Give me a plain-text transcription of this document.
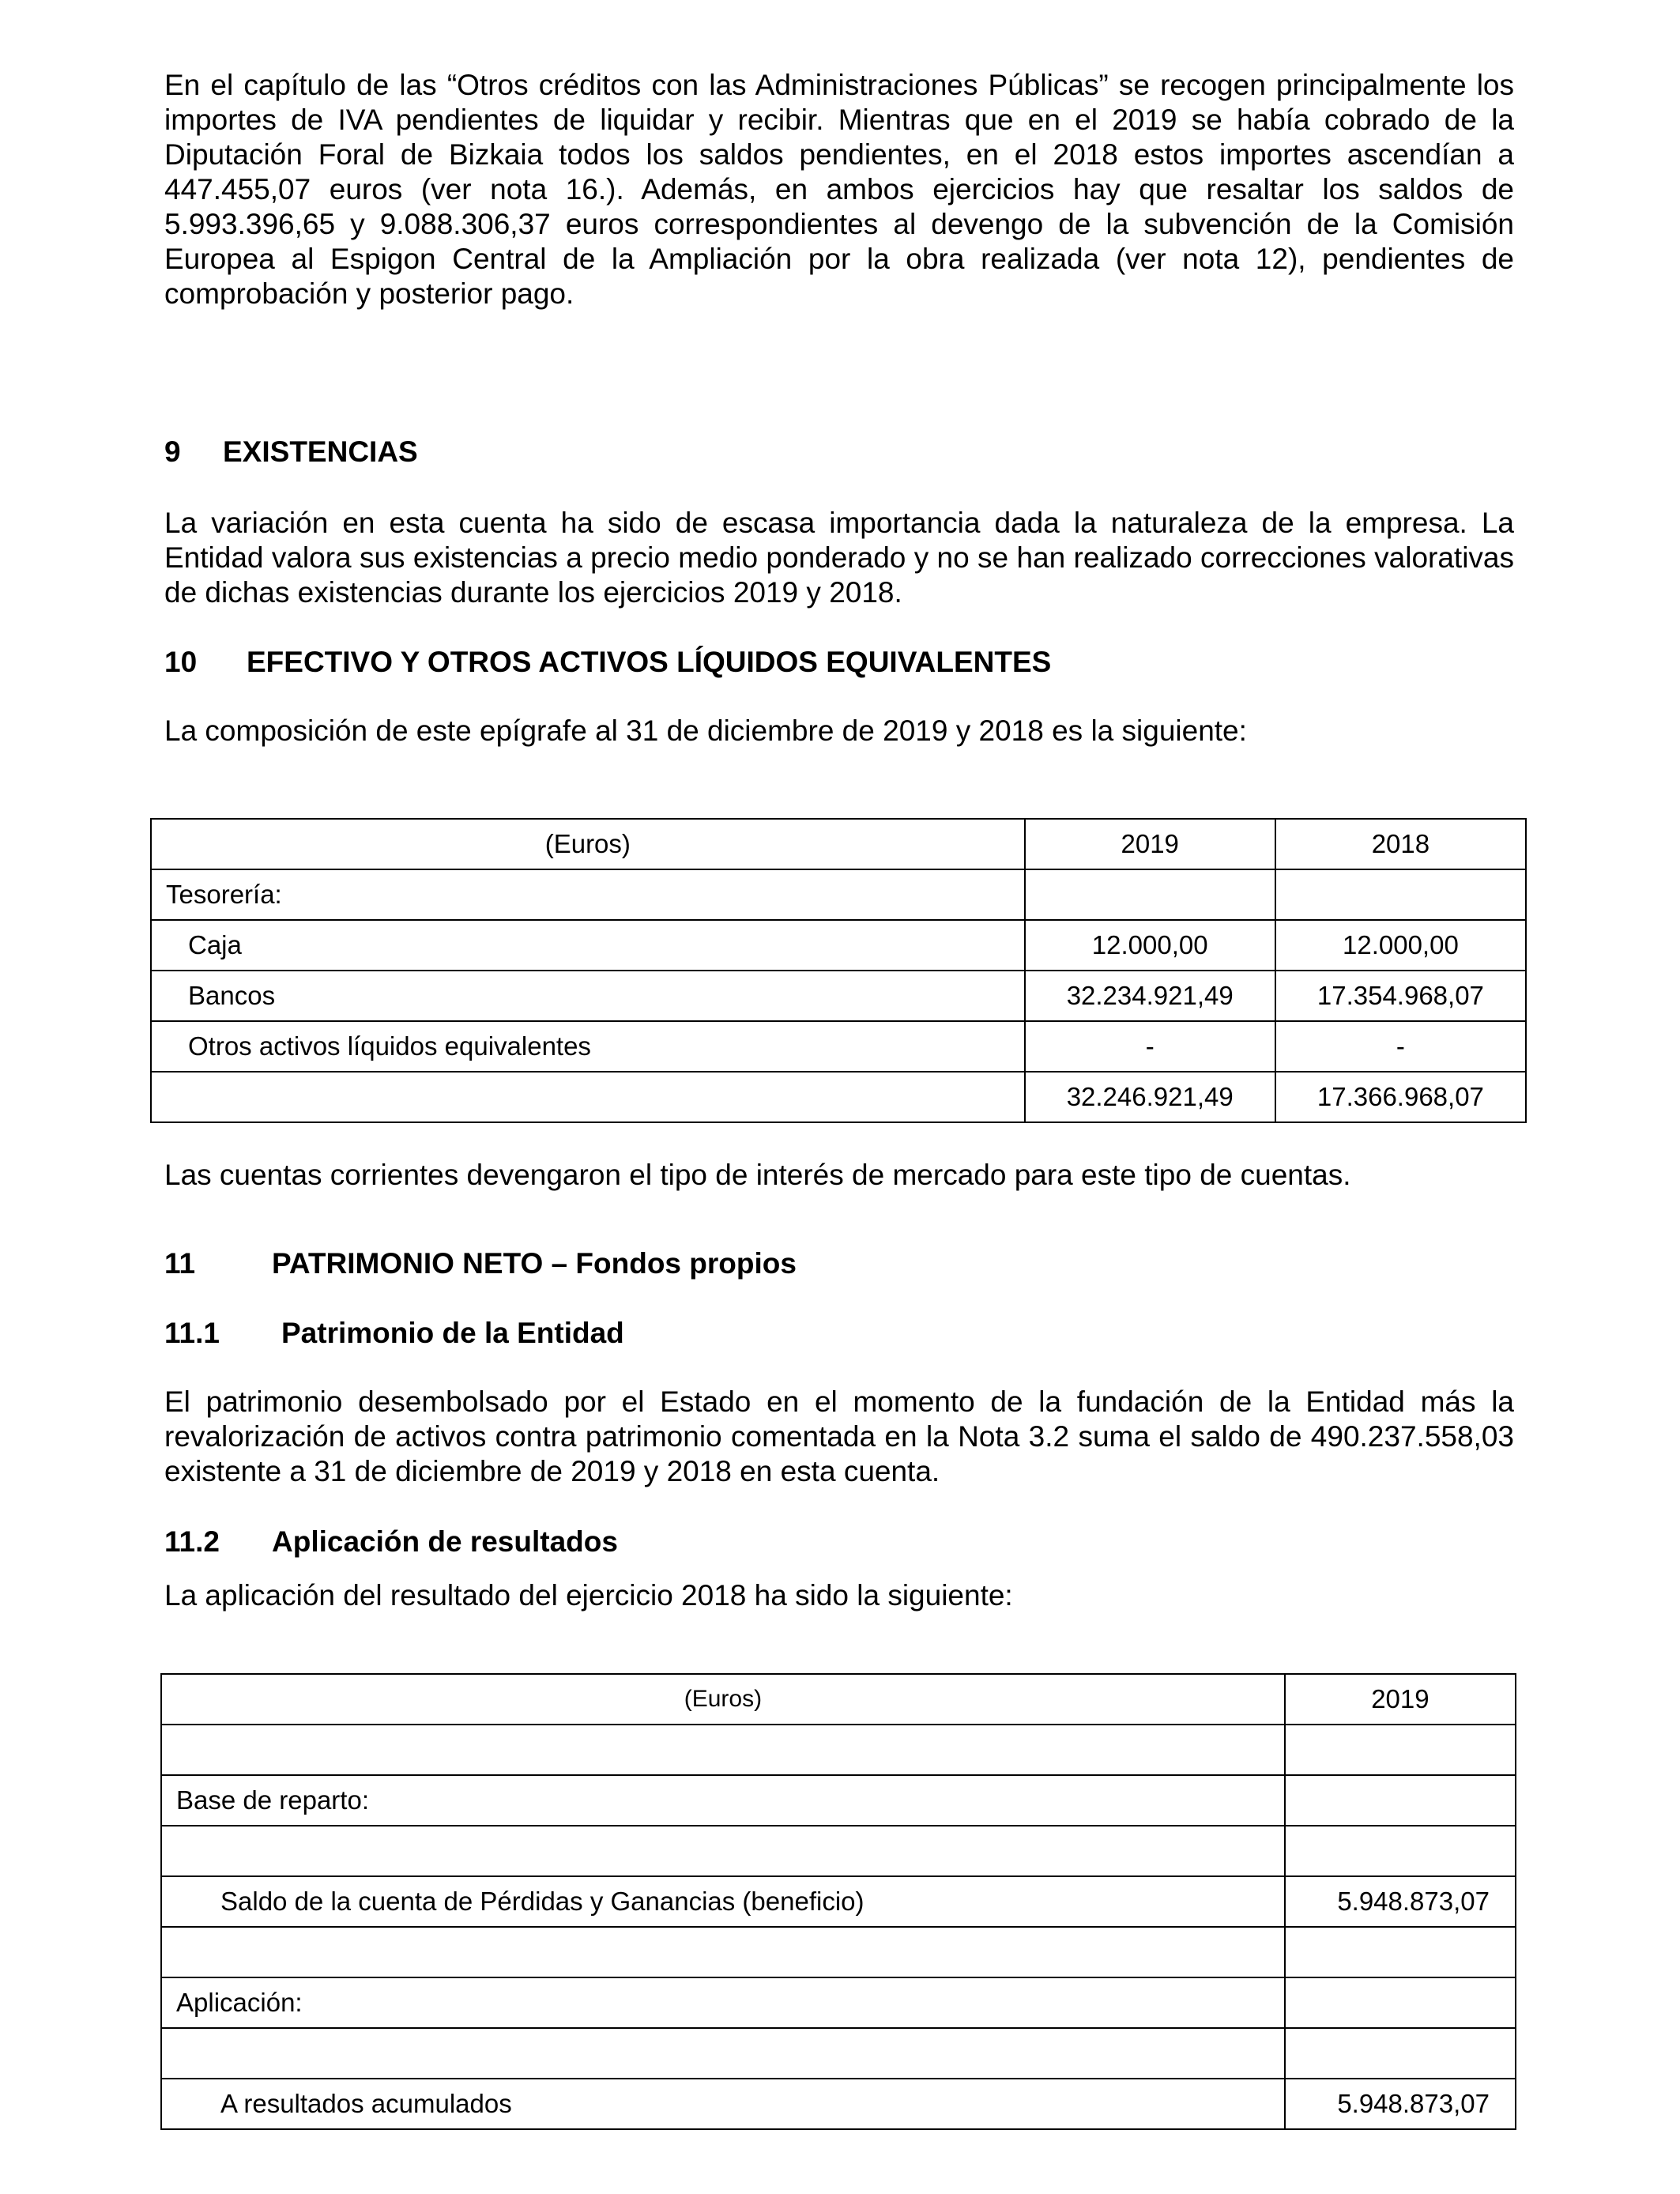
En el capítulo de las “Otros créditos con las Administraciones Públicas” se recogen principalmente los importes de IVA pendientes de liquidar y recibir. Mientras que en el 2019 se había cobrado de la Diputación Foral de Bizkaia todos los saldos pendientes, en el 2018 estos importes ascendían a 447.455,07 euros (ver nota 16.). Además, en ambos ejercicios hay que resaltar los saldos de 5.993.396,65 y 9.088.306,37 euros correspondientes al devengo de la subvención de la Comisión Europea al Espigon Central de la Ampliación por la obra realizada (ver nota 12), pendientes de comprobación y posterior pago.

9 EXISTENCIAS

La variación en esta cuenta ha sido de escasa importancia dada la naturaleza de la empresa. La Entidad valora sus existencias a precio medio ponderado y no se han realizado correcciones valorativas de dichas existencias durante los ejercicios 2019 y 2018.

10 EFECTIVO Y OTROS ACTIVOS LÍQUIDOS EQUIVALENTES

La composición de este epígrafe al 31 de diciembre de 2019 y 2018 es la siguiente:

(Euros)	2019	2018
Tesorería:		
Caja	12.000,00	12.000,00
Bancos	32.234.921,49	17.354.968,07
Otros activos líquidos equivalentes	-	-
	32.246.921,49	17.366.968,07

Las cuentas corrientes devengaron el tipo de interés de mercado para este tipo de cuentas.

11	PATRIMONIO NETO – Fondos propios
11.1 Patrimonio de la Entidad

El patrimonio desembolsado por el Estado en el momento de la fundación de la Entidad más la revalorización de activos contra patrimonio comentada en la Nota 3.2 suma el saldo de 490.237.558,03 existente a 31 de diciembre de 2019 y 2018 en esta cuenta.

11.2 Aplicación de resultados

La aplicación del resultado del ejercicio 2018 ha sido la siguiente:

(Euros)	2019

Base de reparto:	

Saldo de la cuenta de Pérdidas y Ganancias (beneficio)	5.948.873,07

Aplicación:	

A resultados acumulados	5.948.873,07
